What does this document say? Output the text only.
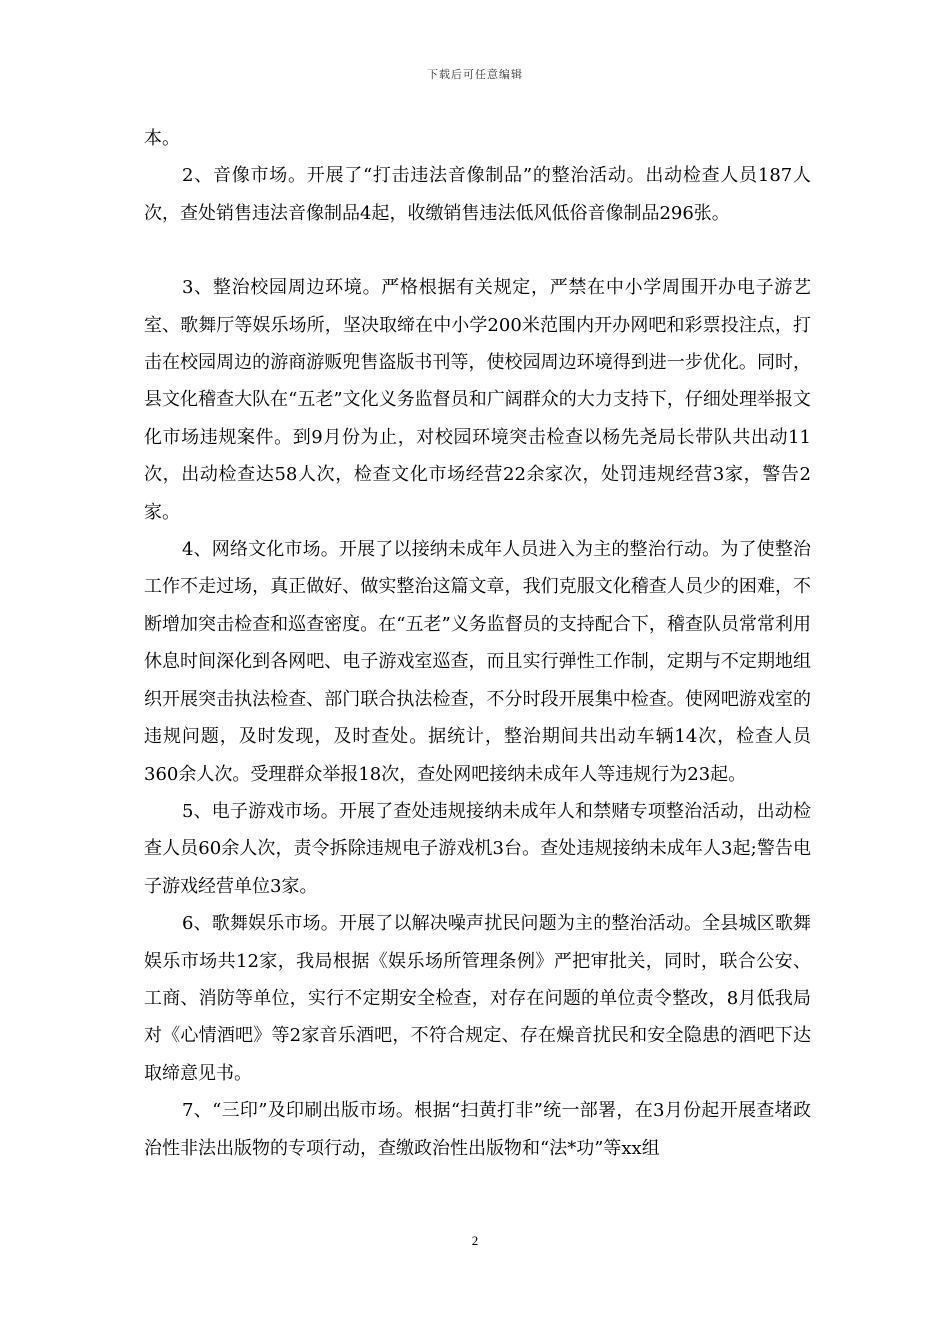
下载后可任意编辑

本。

2、音像市场。开展了“打击违法音像制品”的整治活动。出动检查人员187人次，查处销售违法音像制品4起，收缴销售违法低风低俗音像制品296张。

3、整治校园周边环境。严格根据有关规定，严禁在中小学周围开办电子游艺室、歌舞厅等娱乐场所，坚决取缔在中小学200米范围内开办网吧和彩票投注点，打击在校园周边的游商游贩兜售盗版书刊等，使校园周边环境得到进一步优化。同时，县文化稽查大队在“五老”文化义务监督员和广阔群众的大力支持下，仔细处理举报文化市场违规案件。到9月份为止，对校园环境突击检查以杨先尧局长带队共出动11次，出动检查达58人次，检查文化市场经营22余家次，处罚违规经营3家，警告2家。

4、网络文化市场。开展了以接纳未成年人员进入为主的整治行动。为了使整治工作不走过场，真正做好、做实整治这篇文章，我们克服文化稽查人员少的困难，不断增加突击检查和巡查密度。在“五老”义务监督员的支持配合下，稽查队员常常利用休息时间深化到各网吧、电子游戏室巡查，而且实行弹性工作制，定期与不定期地组织开展突击执法检查、部门联合执法检查，不分时段开展集中检查。使网吧游戏室的违规问题，及时发现，及时查处。据统计，整治期间共出动车辆14次，检查人员360余人次。受理群众举报18次，查处网吧接纳未成年人等违规行为23起。

5、电子游戏市场。开展了查处违规接纳未成年人和禁赌专项整治活动，出动检查人员60余人次，责令拆除违规电子游戏机3台。查处违规接纳未成年人3起;警告电子游戏经营单位3家。

6、歌舞娱乐市场。开展了以解决噪声扰民问题为主的整治活动。全县城区歌舞娱乐市场共12家，我局根据《娱乐场所管理条例》严把审批关，同时，联合公安、工商、消防等单位，实行不定期安全检查，对存在问题的单位责令整改，8月低我局对《心情酒吧》等2家音乐酒吧，不符合规定、存在燥音扰民和安全隐患的酒吧下达取缔意见书。

7、“三印”及印刷出版市场。根据“扫黄打非”统一部署，在3月份起开展查堵政治性非法出版物的专项行动，查缴政治性出版物和“法*功”等xx组

2
